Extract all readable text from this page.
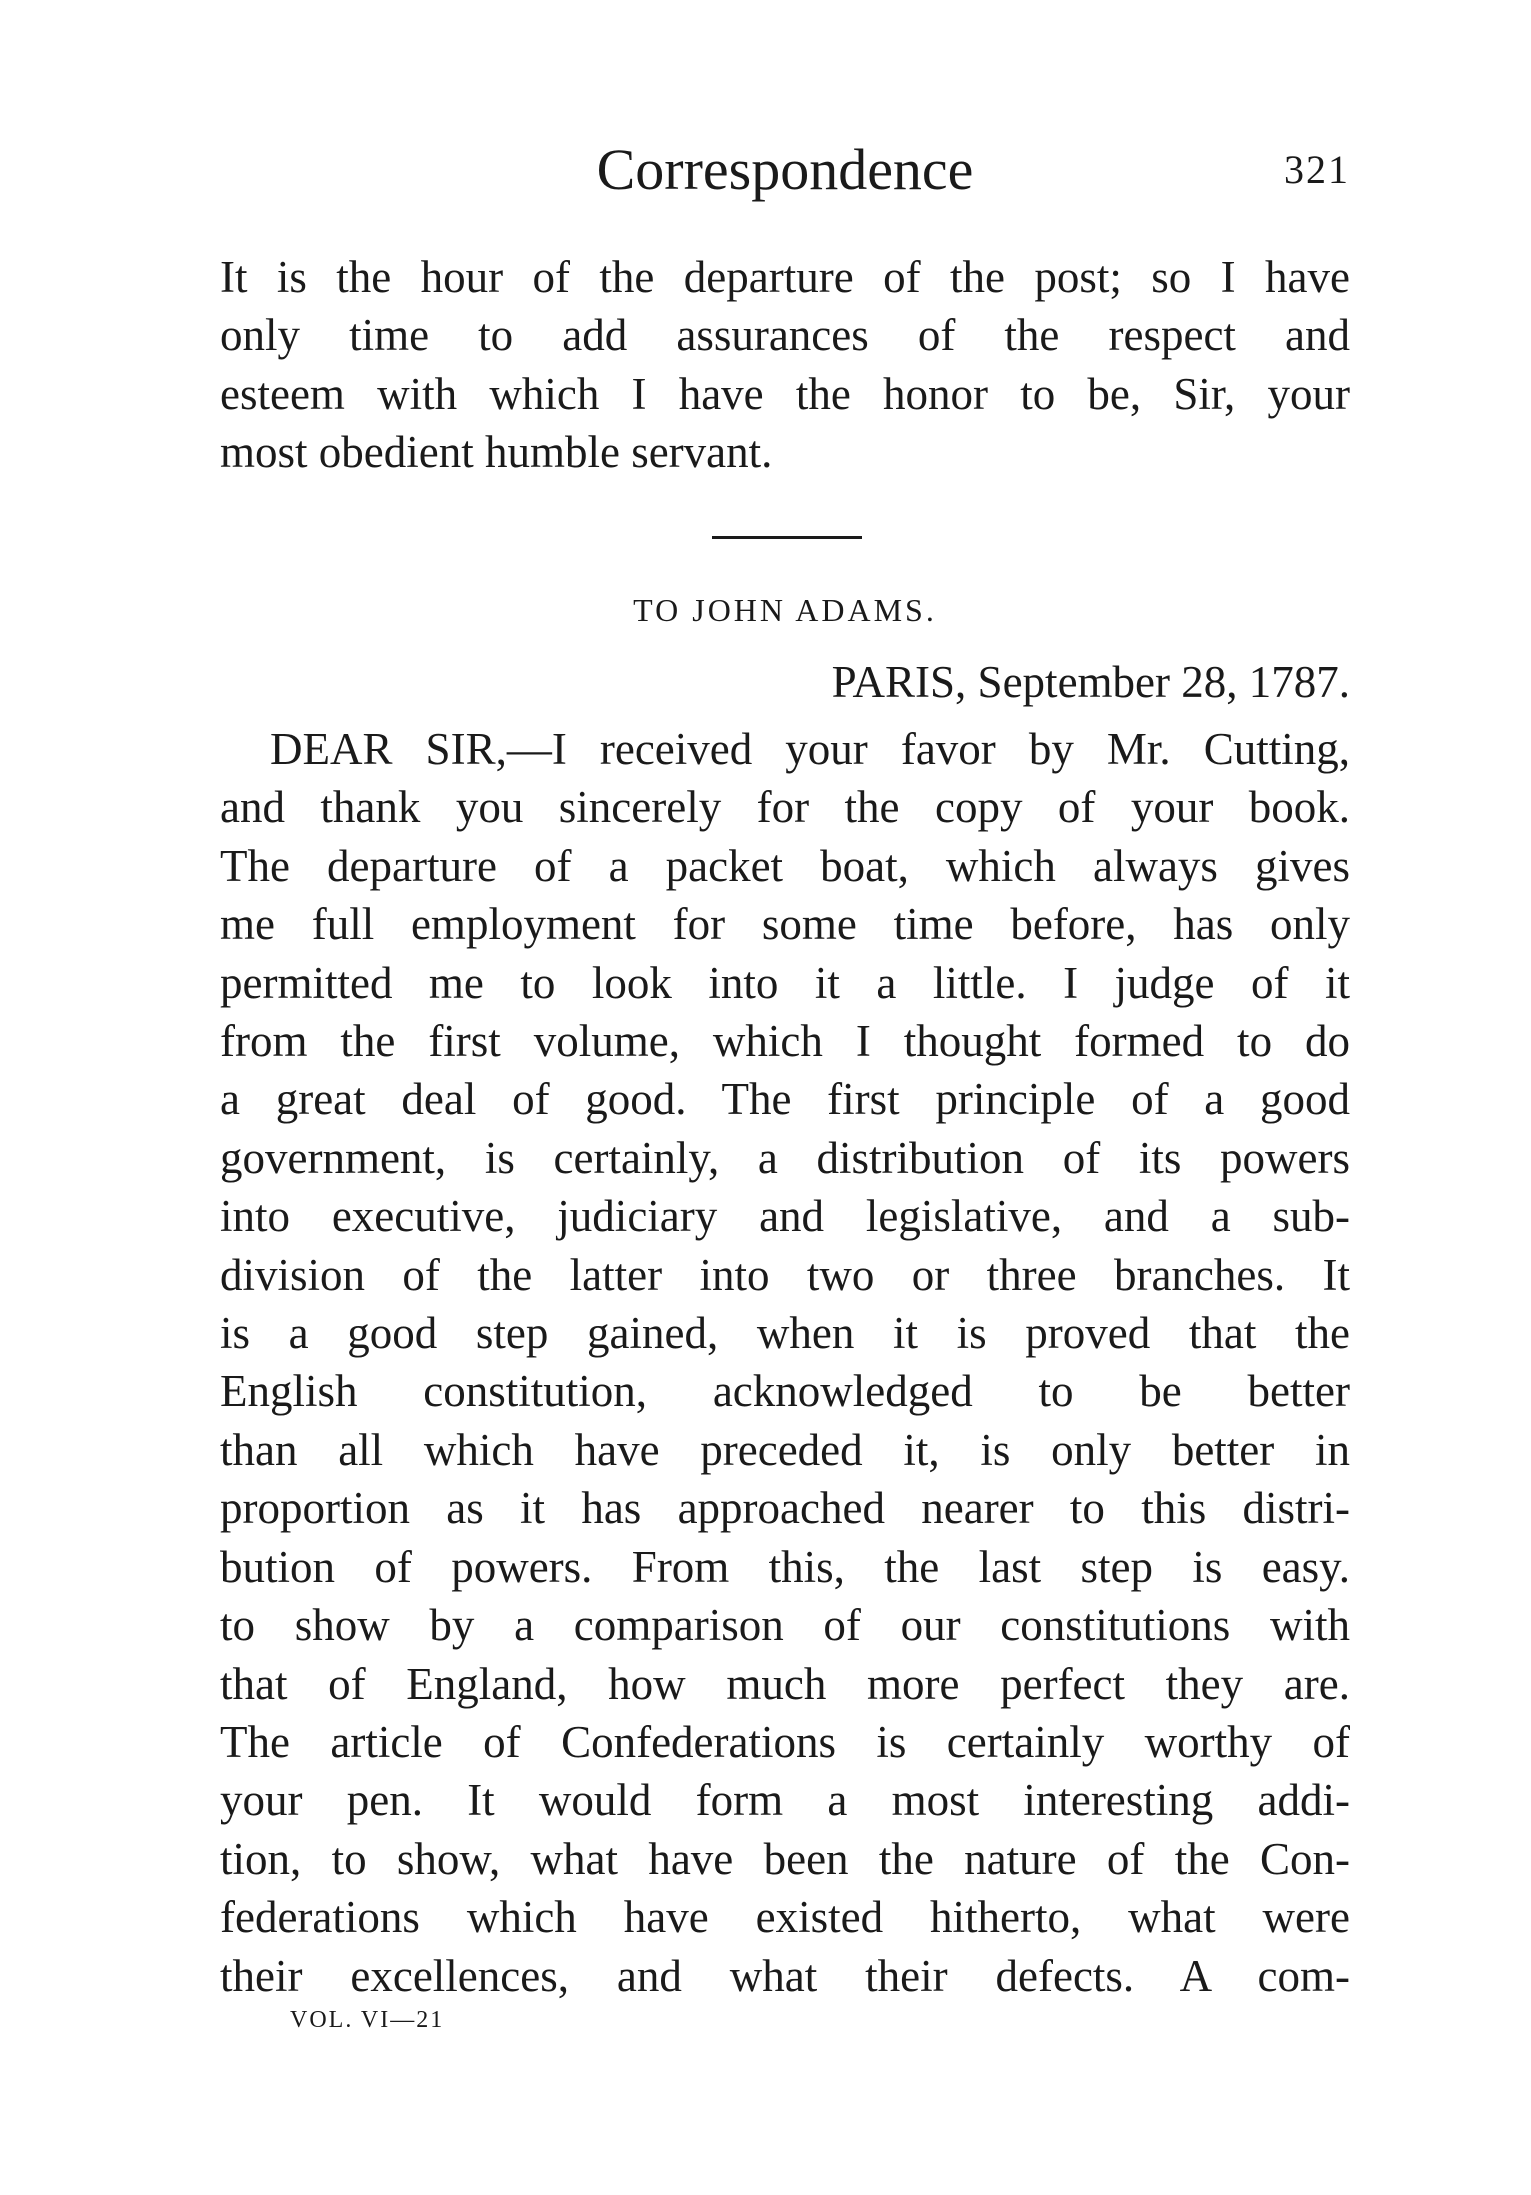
Correspondence	321
It is the hour of the departure of the post; so I have
only time to add assurances of the respect and
esteem with which I have the honor to be, Sir, your
most obedient humble servant.
TO JOHN ADAMS.
PARIS, September 28, 1787.
DEAR SIR,—I received your favor by Mr. Cutting,
and thank you sincerely for the copy of your book.
The departure of a packet boat, which always gives
me full employment for some time before, has only
permitted me to look into it a little. I judge of it
from the first volume, which I thought formed to do
a great deal of good. The first principle of a good
government, is certainly, a distribution of its powers
into executive, judiciary and legislative, and a sub-
division of the latter into two or three branches. It
is a good step gained, when it is proved that the
English constitution, acknowledged to be better
than all which have preceded it, is only better in
proportion as it has approached nearer to this distri-
bution of powers. From this, the last step is easy.
to show by a comparison of our constitutions with
that of England, how much more perfect they are.
The article of Confederations is certainly worthy of
your pen. It would form a most interesting addi-
tion, to show, what have been the nature of the Con-
federations which have existed hitherto, what were
their excellences, and what their defects. A com-
VOL. VI—21
